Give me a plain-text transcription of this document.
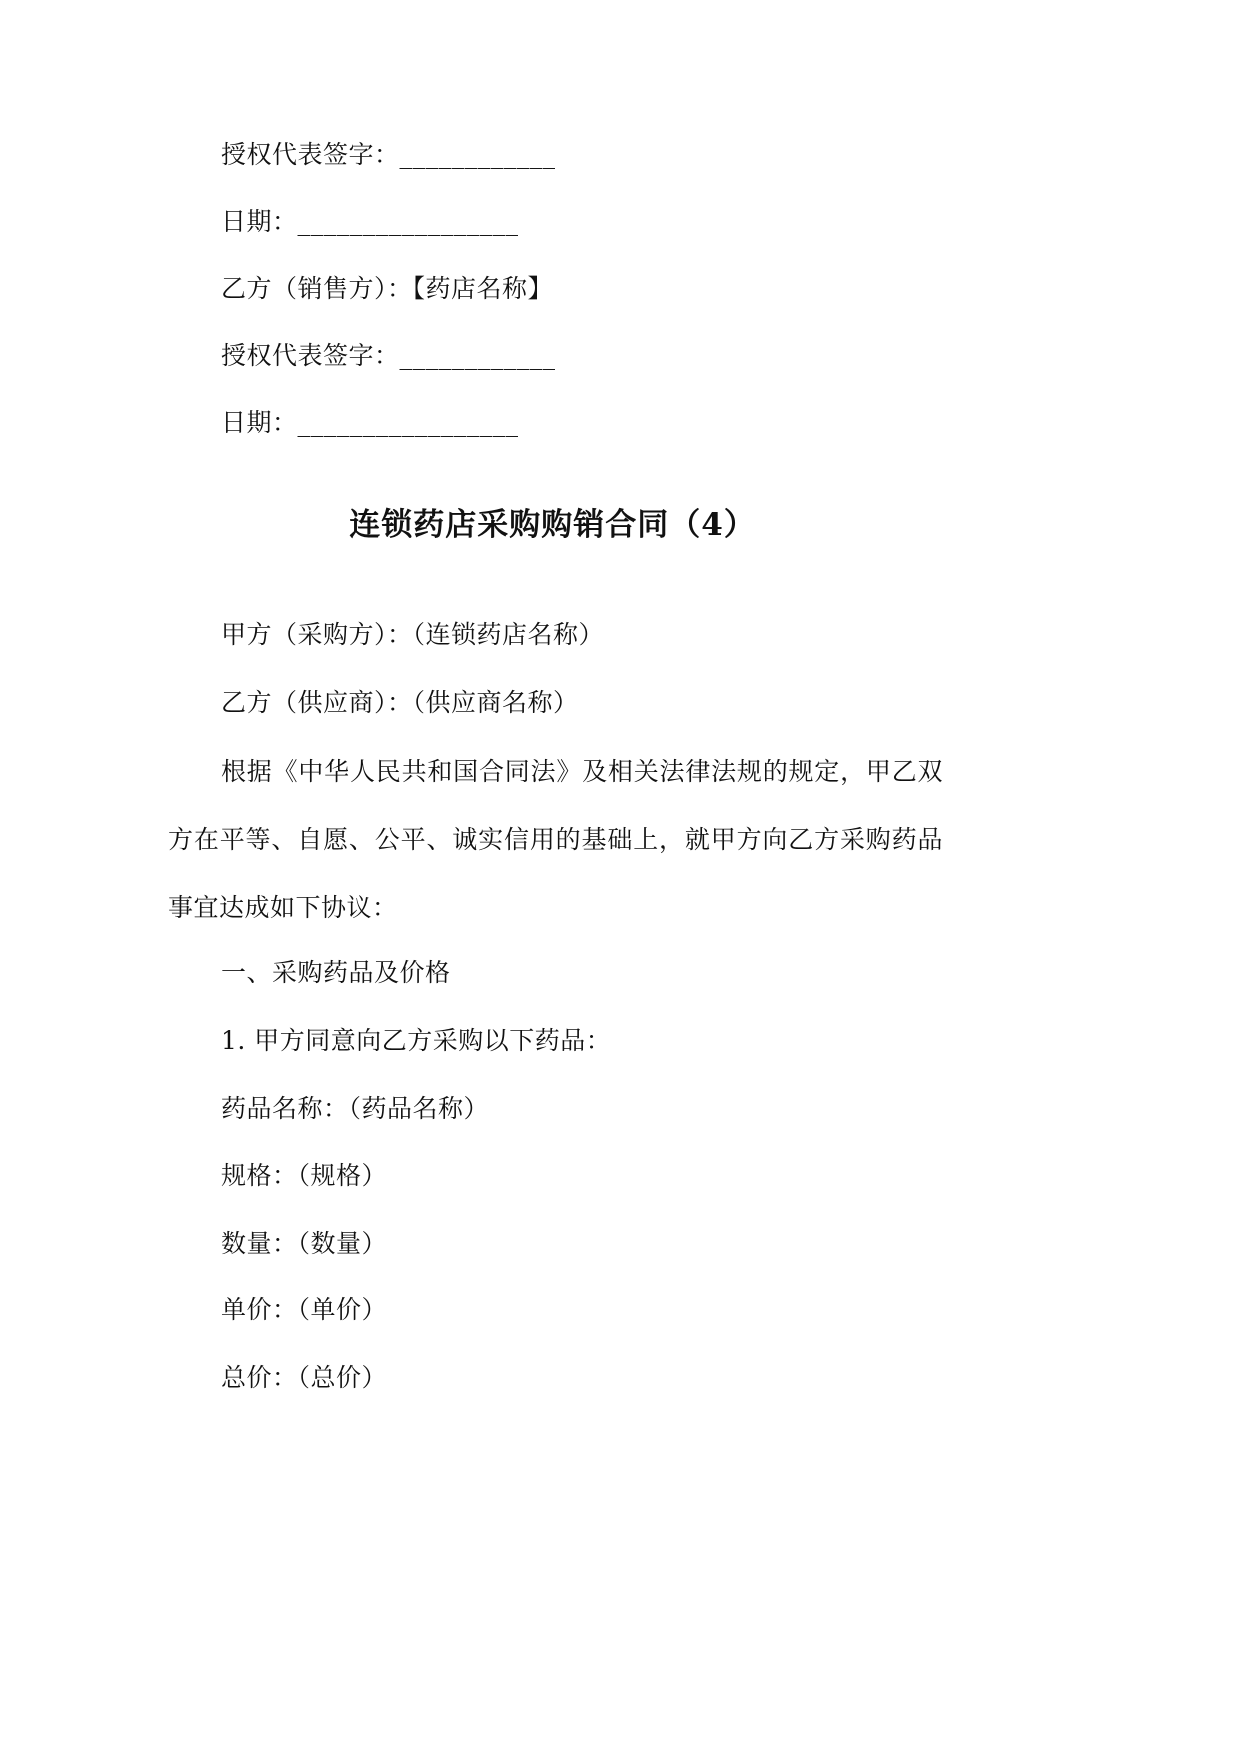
授权代表签字：____________
日期：_________________
乙方（销售方）：【药店名称】
授权代表签字：____________
日期：_________________
连锁药店采购购销合同（4）
甲方（采购方）：（连锁药店名称）
乙方（供应商）：（供应商名称）
根据《中华人民共和国合同法》及相关法律法规的规定，甲乙双方在平等、自愿、公平、诚实信用的基础上，就甲方向乙方采购药品事宜达成如下协议：
一、采购药品及价格
1. 甲方同意向乙方采购以下药品：
药品名称：（药品名称）
规格：（规格）
数量：（数量）
单价：（单价）
总价：（总价）
